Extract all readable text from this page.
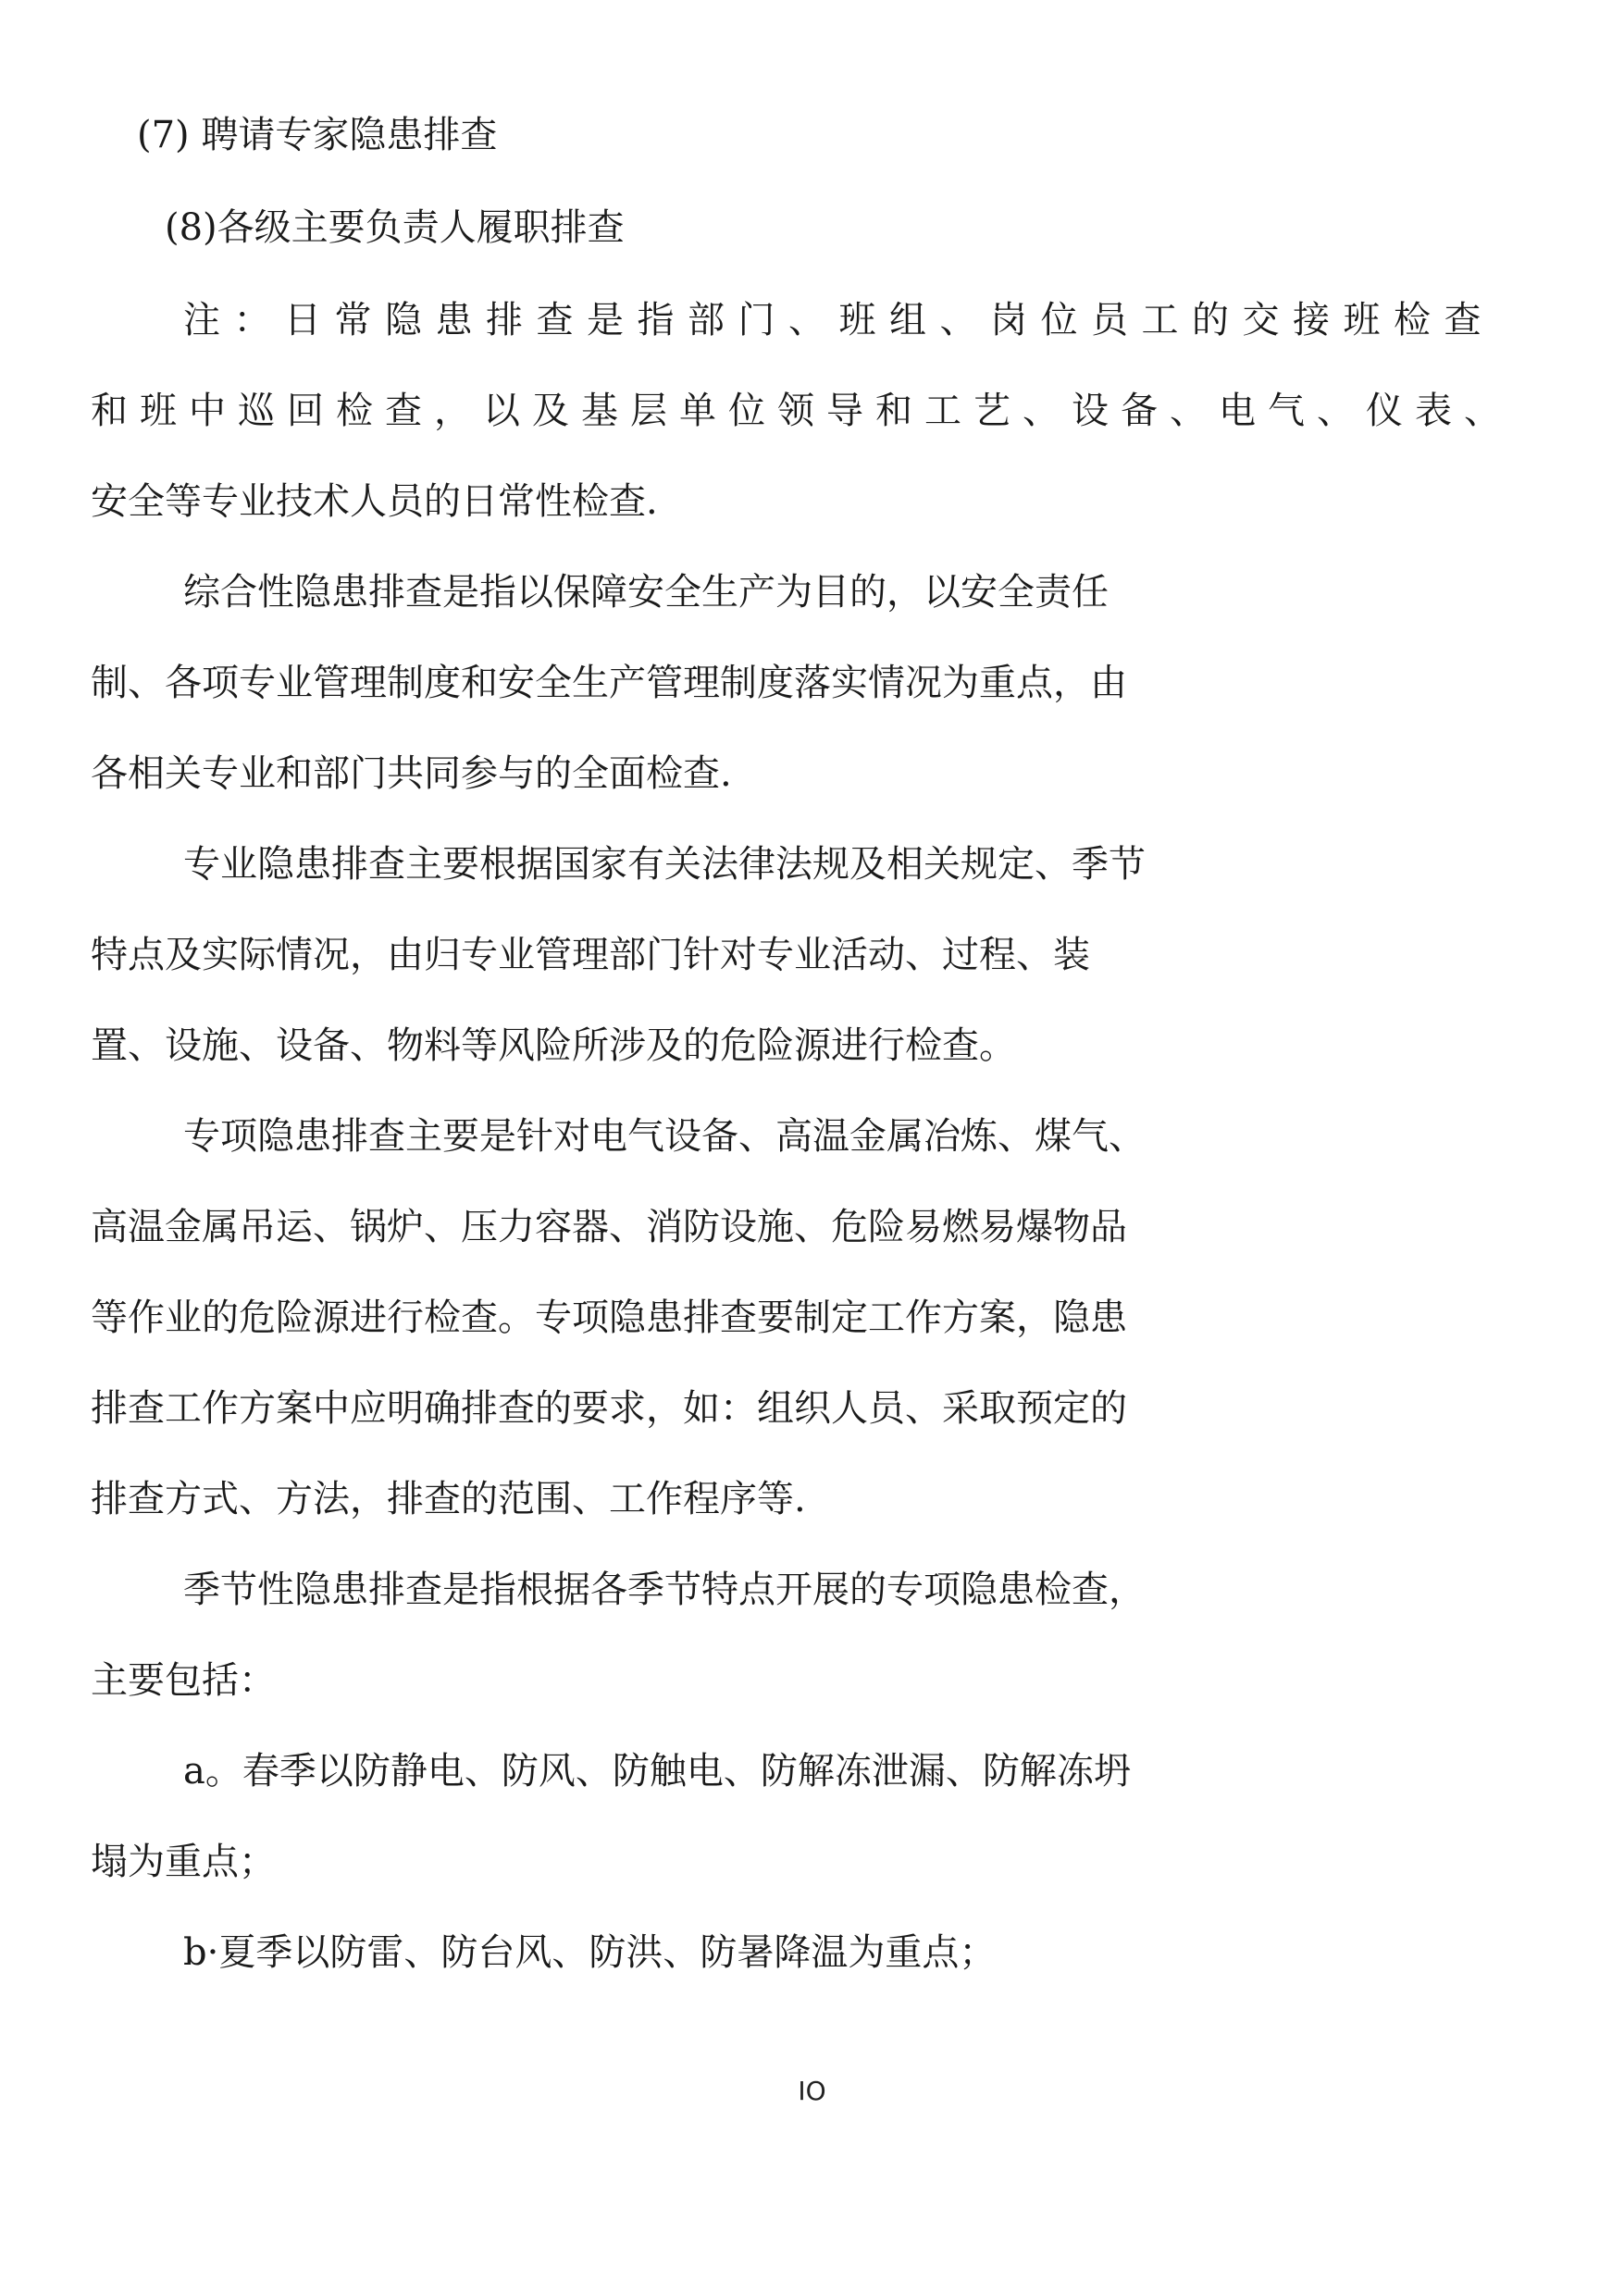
(7) 聘请专家隐患排查

(8)各级主要负责人履职排查

注：日常隐患排查是指部门、班组、岗位员工的交接班检查

和班中巡回检查，以及基层单位领导和工艺、设备、电气、仪表、

安全等专业技术人员的日常性检查.

综合性隐患排查是指以保障安全生产为目的，以安全责任

制、各项专业管理制度和安全生产管理制度落实情况为重点，由

各相关专业和部门共同参与的全面检查.

专业隐患排查主要根据国家有关法律法规及相关规定、季节

特点及实际情况，由归专业管理部门针对专业活动、过程、装

置、设施、设备、物料等风险所涉及的危险源进行检查。

专项隐患排查主要是针对电气设备、高温金属冶炼、煤气、

高温金属吊运、锅炉、压力容器、消防设施、危险易燃易爆物品

等作业的危险源进行检查。专项隐患排查要制定工作方案，隐患

排查工作方案中应明确排查的要求，如：组织人员、采取预定的

排查方式、方法，排查的范围、工作程序等.

季节性隐患排查是指根据各季节特点开展的专项隐患检查，

主要包括：

a。春季以防静电、防风、防触电、防解冻泄漏、防解冻坍

塌为重点；

b·夏季以防雷、防台风、防洪、防暑降温为重点；

IO
